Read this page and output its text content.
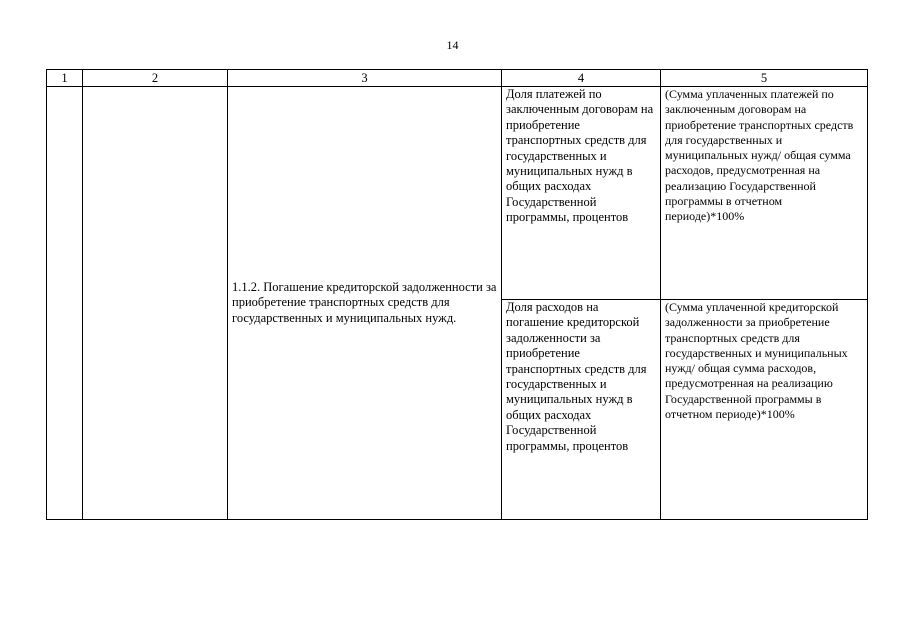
14
1	2	3	4	5
		1.1.2. Погашение кредиторской задолженности за приобретение транспортных средств для государственных и муниципальных нужд.	Доля платежей по заключенным договорам на приобретение транспортных средств для государственных и муниципальных нужд в общих расходах Государственной программы, процентов	(Сумма уплаченных платежей по заключенным договорам на приобретение транспортных средств для государственных и муниципальных нужд/ общая сумма расходов, предусмотренная на реализацию Государственной программы в отчетном периоде)*100%
			Доля расходов на погашение кредиторской задолженности за приобретение транспортных средств для государственных и муниципальных нужд в общих расходах Государственной программы, процентов	(Сумма уплаченной кредиторской задолженности за приобретение транспортных средств для государственных и муниципальных нужд/ общая сумма расходов, предусмотренная на реализацию Государственной программы в отчетном периоде)*100%
